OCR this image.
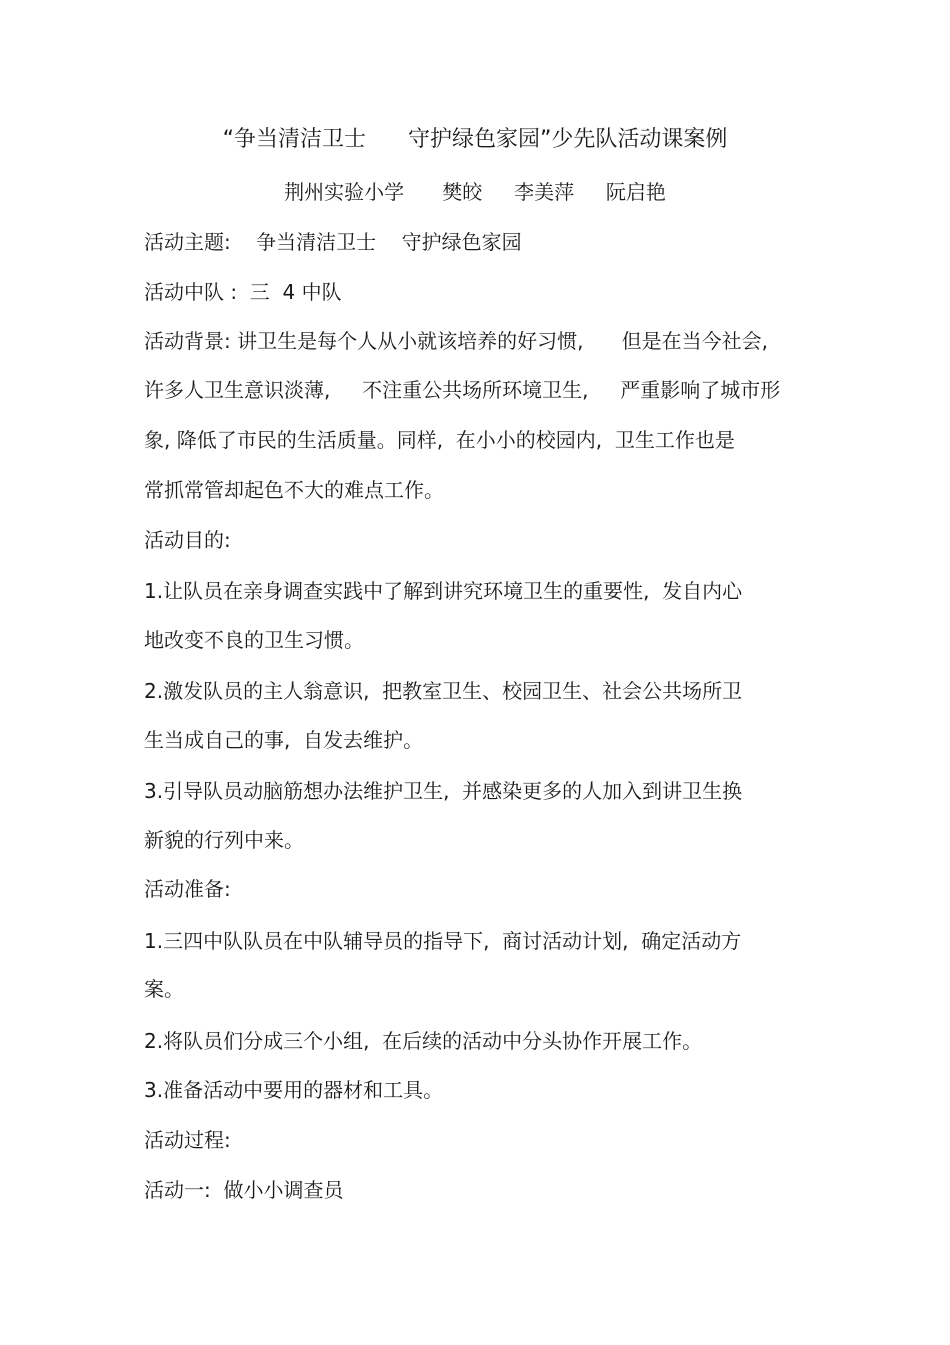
“争当清洁卫士      守护绿色家园”少先队活动课案例
荆州实验小学      樊皎     李美萍     阮启艳
活动主题:    争当清洁卫士    守护绿色家园
活动中队 :  三  4 中队
活动背景: 讲卫生是每个人从小就该培养的好习惯,      但是在当今社会,
许多人卫生意识淡薄,     不注重公共场所环境卫生,     严重影响了城市形
象, 降低了市民的生活质量。同样,  在小小的校园内,  卫生工作也是
常抓常管却起色不大的难点工作。
活动目的:
1.让队员在亲身调查实践中了解到讲究环境卫生的重要性,  发自内心
地改变不良的卫生习惯。
2.激发队员的主人翁意识,  把教室卫生、校园卫生、社会公共场所卫
生当成自己的事,  自发去维护。
3.引导队员动脑筋想办法维护卫生,  并感染更多的人加入到讲卫生换
新貌的行列中来。
活动准备:
1.三四中队队员在中队辅导员的指导下,  商讨活动计划,  确定活动方
案。
2.将队员们分成三个小组,  在后续的活动中分头协作开展工作。
3.准备活动中要用的器材和工具。
活动过程:
活动一:  做小小调查员
